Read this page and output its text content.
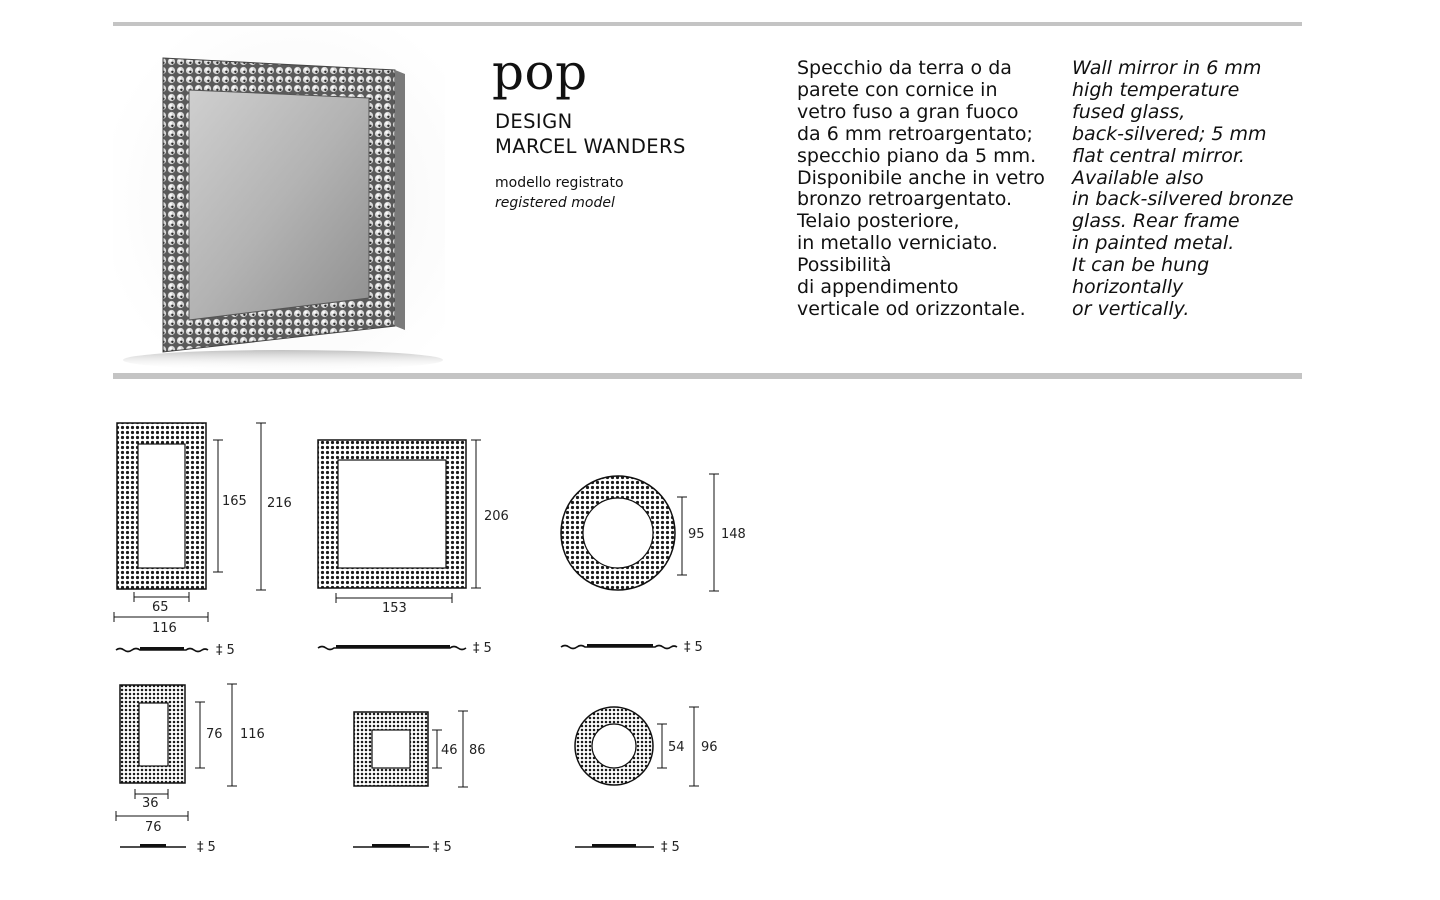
pop
DESIGN
MARCEL WANDERS
modello registrato
registered model
Specchio da terra o da
parete con cornice in
vetro fuso a gran fuoco
da 6 mm retroargentato;
specchio piano da 5 mm.
Disponibile anche in vetro
bronzo retroargentato.
Telaio posteriore,
in metallo verniciato.
Possibilità
di appendimento
verticale od orizzontale.
Wall mirror in 6 mm
high temperature
fused glass,
back-silvered; 5 mm
flat central mirror.
Available also
in back-silvered bronze
glass. Rear frame
in painted metal.
It can be hung
horizontally
or vertically.
165 216
65
116
‡ 5
206
153
‡ 5
95 148
‡ 5
76 116
36
76
‡ 5
46 86
‡ 5
54 96
‡ 5
